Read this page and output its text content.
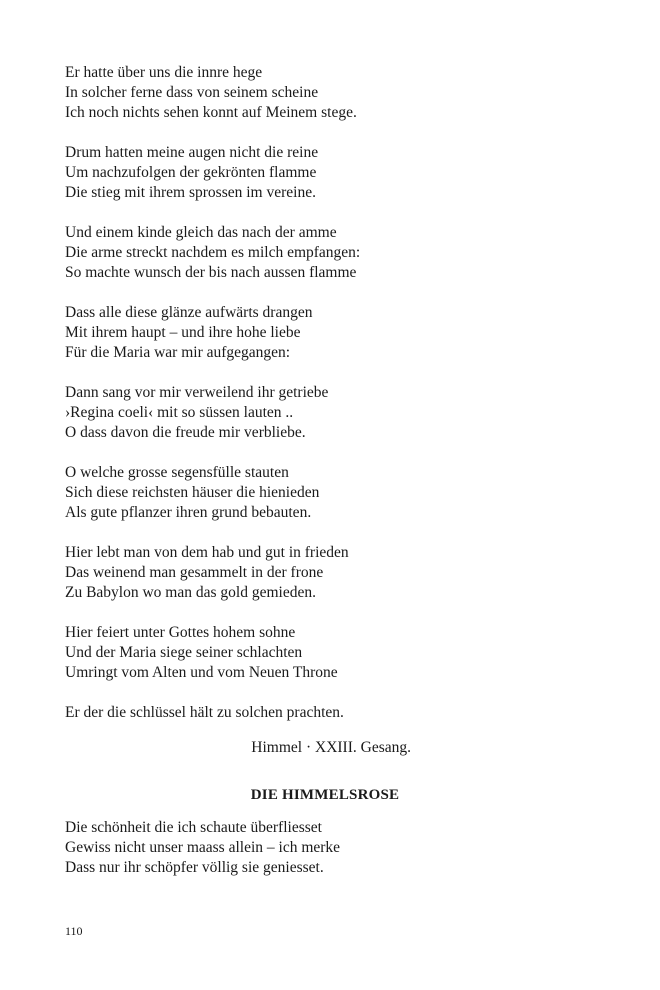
Er hatte über uns die innre hege
In solcher ferne dass von seinem scheine
Ich noch nichts sehen konnt auf Meinem stege.
Drum hatten meine augen nicht die reine
Um nachzufolgen der gekrönten flamme
Die stieg mit ihrem sprossen im vereine.
Und einem kinde gleich das nach der amme
Die arme streckt nachdem es milch empfangen:
So machte wunsch der bis nach aussen flamme
Dass alle diese glänze aufwärts drangen
Mit ihrem haupt – und ihre hohe liebe
Für die Maria war mir aufgegangen:
Dann sang vor mir verweilend ihr getriebe
›Regina coeli‹ mit so süssen lauten ..
O dass davon die freude mir verbliebe.
O welche grosse segensfülle stauten
Sich diese reichsten häuser die hienieden
Als gute pflanzer ihren grund bebauten.
Hier lebt man von dem hab und gut in frieden
Das weinend man gesammelt in der frone
Zu Babylon wo man das gold gemieden.
Hier feiert unter Gottes hohem sohne
Und der Maria siege seiner schlachten
Umringt vom Alten und vom Neuen Throne
Er der die schlüssel hält zu solchen prachten.
Himmel · XXIII. Gesang.
DIE HIMMELSROSE
Die schönheit die ich schaute überfliesset
Gewiss nicht unser maass allein – ich merke
Dass nur ihr schöpfer völlig sie geniesset.
110
